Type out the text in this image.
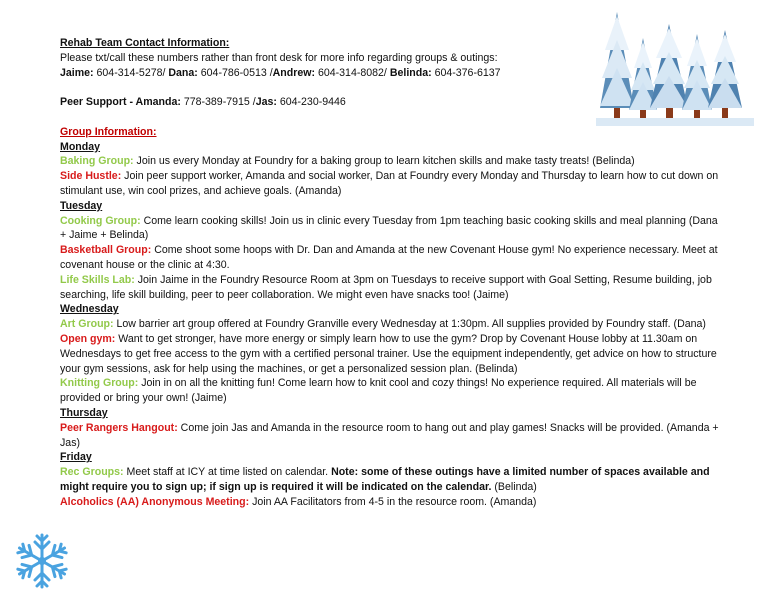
Rehab Team Contact Information:
Please txt/call these numbers rather than front desk for more info regarding groups & outings:
Jaime: 604-314-5278/ Dana: 604-786-0513 /Andrew: 604-314-8082/ Belinda: 604-376-6137
Peer Support - Amanda: 778-389-7915 /Jas: 604-230-9446
Group Information:
Monday
Baking Group: Join us every Monday at Foundry for a baking group to learn kitchen skills and make tasty treats! (Belinda)
Side Hustle: Join peer support worker, Amanda and social worker, Dan at Foundry every Monday and Thursday to learn how to cut down on stimulant use, win cool prizes, and achieve goals. (Amanda)
Tuesday
Cooking Group: Come learn cooking skills! Join us in clinic every Tuesday from 1pm teaching basic cooking skills and meal planning (Dana + Jaime + Belinda)
Basketball Group: Come shoot some hoops with Dr. Dan and Amanda at the new Covenant House gym! No experience necessary. Meet at covenant house or the clinic at 4:30.
Life Skills Lab: Join Jaime in the Foundry Resource Room at 3pm on Tuesdays to receive support with Goal Setting, Resume building, job searching, life skill building, peer to peer collaboration. We might even have snacks too! (Jaime)
Wednesday
Art Group: Low barrier art group offered at Foundry Granville every Wednesday at 1:30pm. All supplies provided by Foundry staff. (Dana)
Open gym: Want to get stronger, have more energy or simply learn how to use the gym? Drop by Covenant House lobby at 11.30am on Wednesdays to get free access to the gym with a certified personal trainer. Use the equipment independently, get advice on how to structure your gym sessions, ask for help using the machines, or get a personalized session plan. (Belinda)
Knitting Group: Join in on all the knitting fun! Come learn how to knit cool and cozy things! No experience required. All materials will be provided or bring your own! (Jaime)
Thursday
Peer Rangers Hangout: Come join Jas and Amanda in the resource room to hang out and play games! Snacks will be provided. (Amanda + Jas)
Friday
Rec Groups: Meet staff at ICY at time listed on calendar. Note: some of these outings have a limited number of spaces available and might require you to sign up; if sign up is required it will be indicated on the calendar. (Belinda)
Alcoholics (AA) Anonymous Meeting: Join AA Facilitators from 4-5 in the resource room. (Amanda)
